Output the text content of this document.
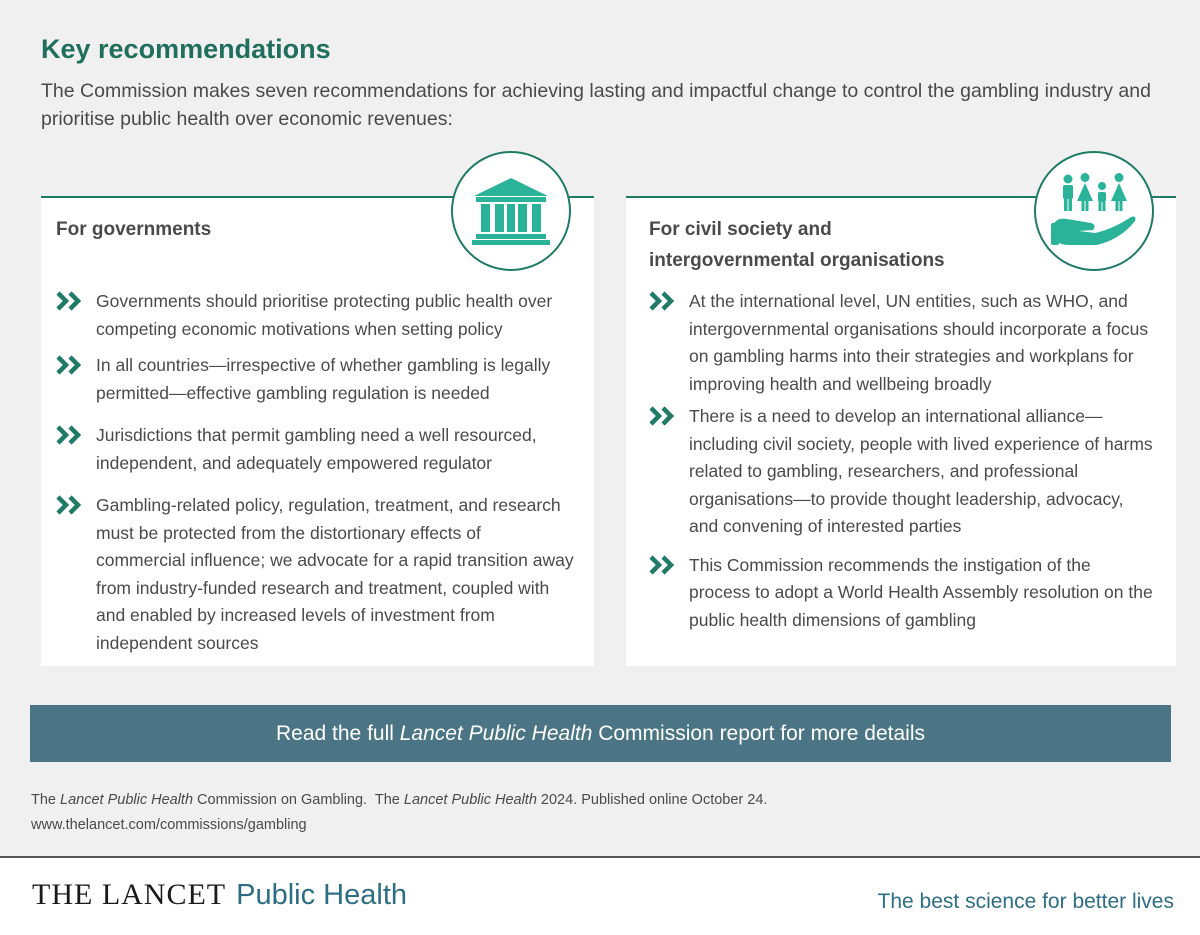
Key recommendations
The Commission makes seven recommendations for achieving lasting and impactful change to control the gambling industry and prioritise public health over economic revenues:
For governments
Governments should prioritise protecting public health over competing economic motivations when setting policy
In all countries—irrespective of whether gambling is legally permitted—effective gambling regulation is needed
Jurisdictions that permit gambling need a well resourced, independent, and adequately empowered regulator
Gambling-related policy, regulation, treatment, and research must be protected from the distortionary effects of commercial influence; we advocate for a rapid transition away from industry-funded research and treatment, coupled with and enabled by increased levels of investment from independent sources
For civil society and
intergovernmental organisations
At the international level, UN entities, such as WHO, and intergovernmental organisations should incorporate a focus on gambling harms into their strategies and workplans for improving health and wellbeing broadly
There is a need to develop an international alliance—including civil society, people with lived experience of harms related to gambling, researchers, and professional organisations—to provide thought leadership, advocacy, and convening of interested parties
This Commission recommends the instigation of the process to adopt a World Health Assembly resolution on the public health dimensions of gambling
Read the full Lancet Public Health Commission report for more details
The Lancet Public Health Commission on Gambling.  The Lancet Public Health 2024. Published online October 24.
www.thelancet.com/commissions/gambling
THE LANCET Public Health	The best science for better lives
